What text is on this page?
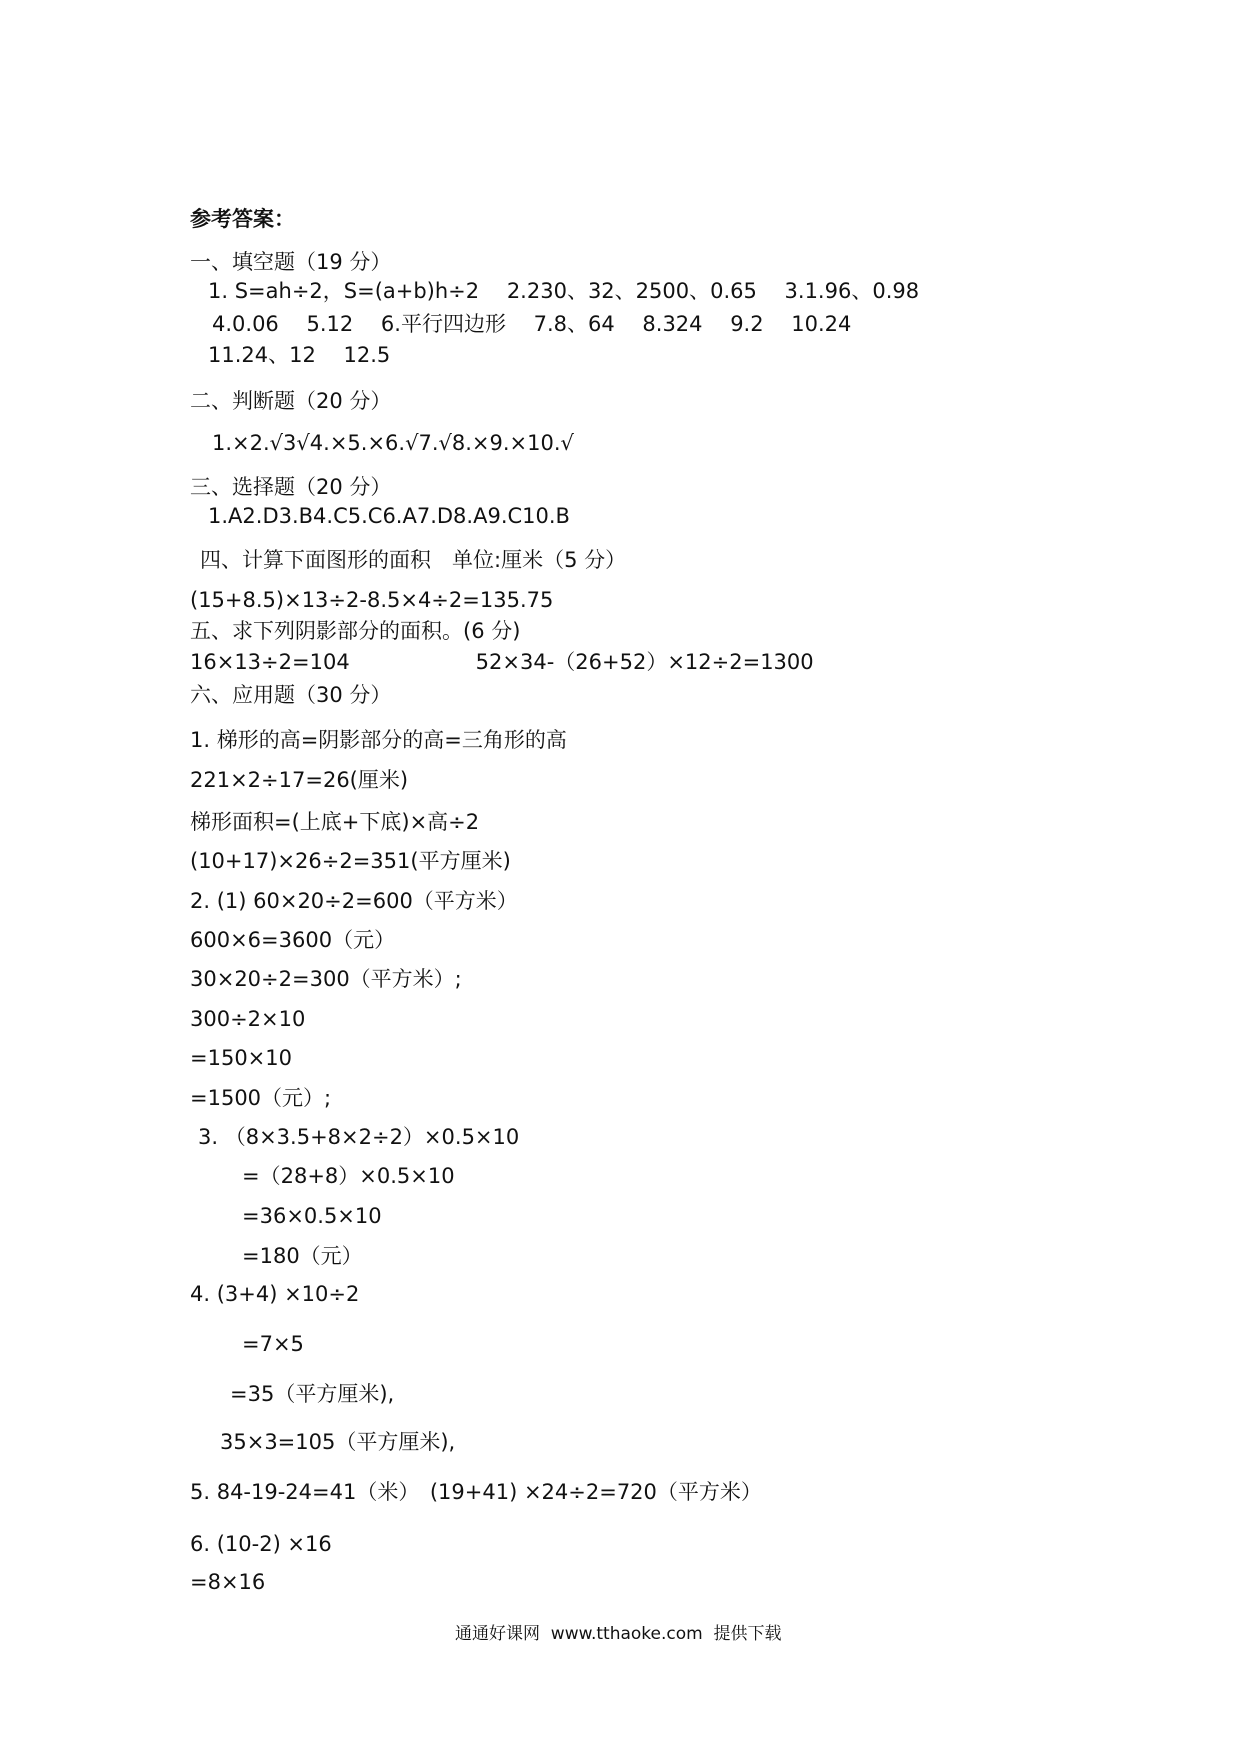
参考答案：
一、填空题（19 分）
1. S=ah÷2，S=(a+b)h÷2　 2.230、32、2500、0.65　 3.1.96、0.98
4.0.06　 5.12　 6.平行四边形　 7.8、64　 8.324　 9.2　 10.24
11.24、12　 12.5
二、判断题（20 分）
1.×2.√3√4.×5.×6.√7.√8.×9.×10.√
三、选择题（20 分）
1.A2.D3.B4.C5.C6.A7.D8.A9.C10.B
四、计算下面图形的面积　单位:厘米（5 分）
(15+8.5)×13÷2-8.5×4÷2=135.75
五、求下列阴影部分的面积。(6 分)
16×13÷2=104　　　　　　52×34-（26+52）×12÷2=1300
六、应用题（30 分）
1. 梯形的高=阴影部分的高=三角形的高
221×2÷17=26(厘米)
梯形面积=(上底+下底)×高÷2
(10+17)×26÷2=351(平方厘米)
2. (1) 60×20÷2=600（平方米）
600×6=3600（元）
30×20÷2=300（平方米）;
300÷2×10
=150×10
=1500（元）;
3. （8×3.5+8×2÷2）×0.5×10
=（28+8）×0.5×10
=36×0.5×10
=180（元）
4. (3+4) ×10÷2
=7×5
=35（平方厘米),
35×3=105（平方厘米),
5. 84-19-24=41（米）　(19+41) ×24÷2=720（平方米）
6. (10-2) ×16
=8×16
通通好课网  www.tthaoke.com  提供下载
